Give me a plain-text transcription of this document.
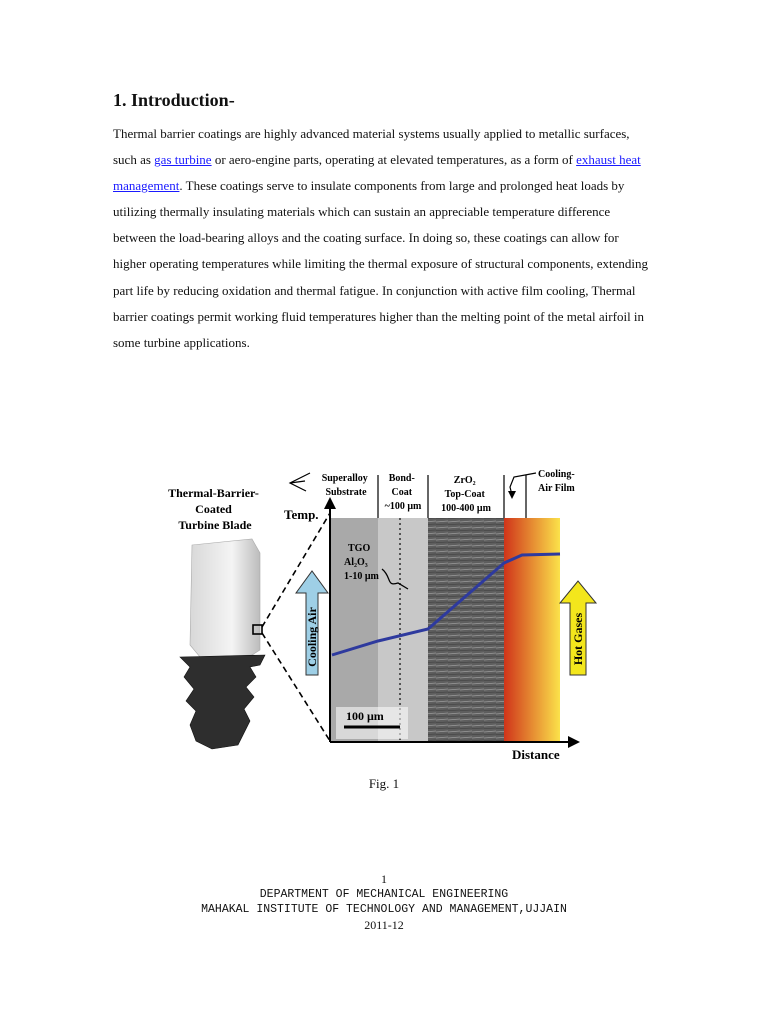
1. Introduction-

Thermal barrier coatings are highly advanced material systems usually applied to metallic surfaces, such as gas turbine or aero-engine parts, operating at elevated temperatures, as a form of exhaust heat management. These coatings serve to insulate components from large and prolonged heat loads by utilizing thermally insulating materials which can sustain an appreciable temperature difference between the load-bearing alloys and the coating surface. In doing so, these coatings can allow for higher operating temperatures while limiting the thermal exposure of structural components, extending part life by reducing oxidation and thermal fatigue. In conjunction with active film cooling, Thermal barrier coatings permit working fluid temperatures higher than the melting point of the metal airfoil in some turbine applications.

Thermal-Barrier- Coated Turbine Blade
Cooling Air
Temp.
Distance
Superalloy Substrate
Bond- Coat ~100 μm
ZrO₂ Top-Coat 100-400 μm
Cooling- Air Film
TGO Al₂O₃ 1-10 μm
100 μm
Hot Gases
Fig. 1
1
DEPARTMENT OF MECHANICAL ENGINEERING
MAHAKAL INSTITUTE OF TECHNOLOGY AND MANAGEMENT,UJJAIN
2011-12
